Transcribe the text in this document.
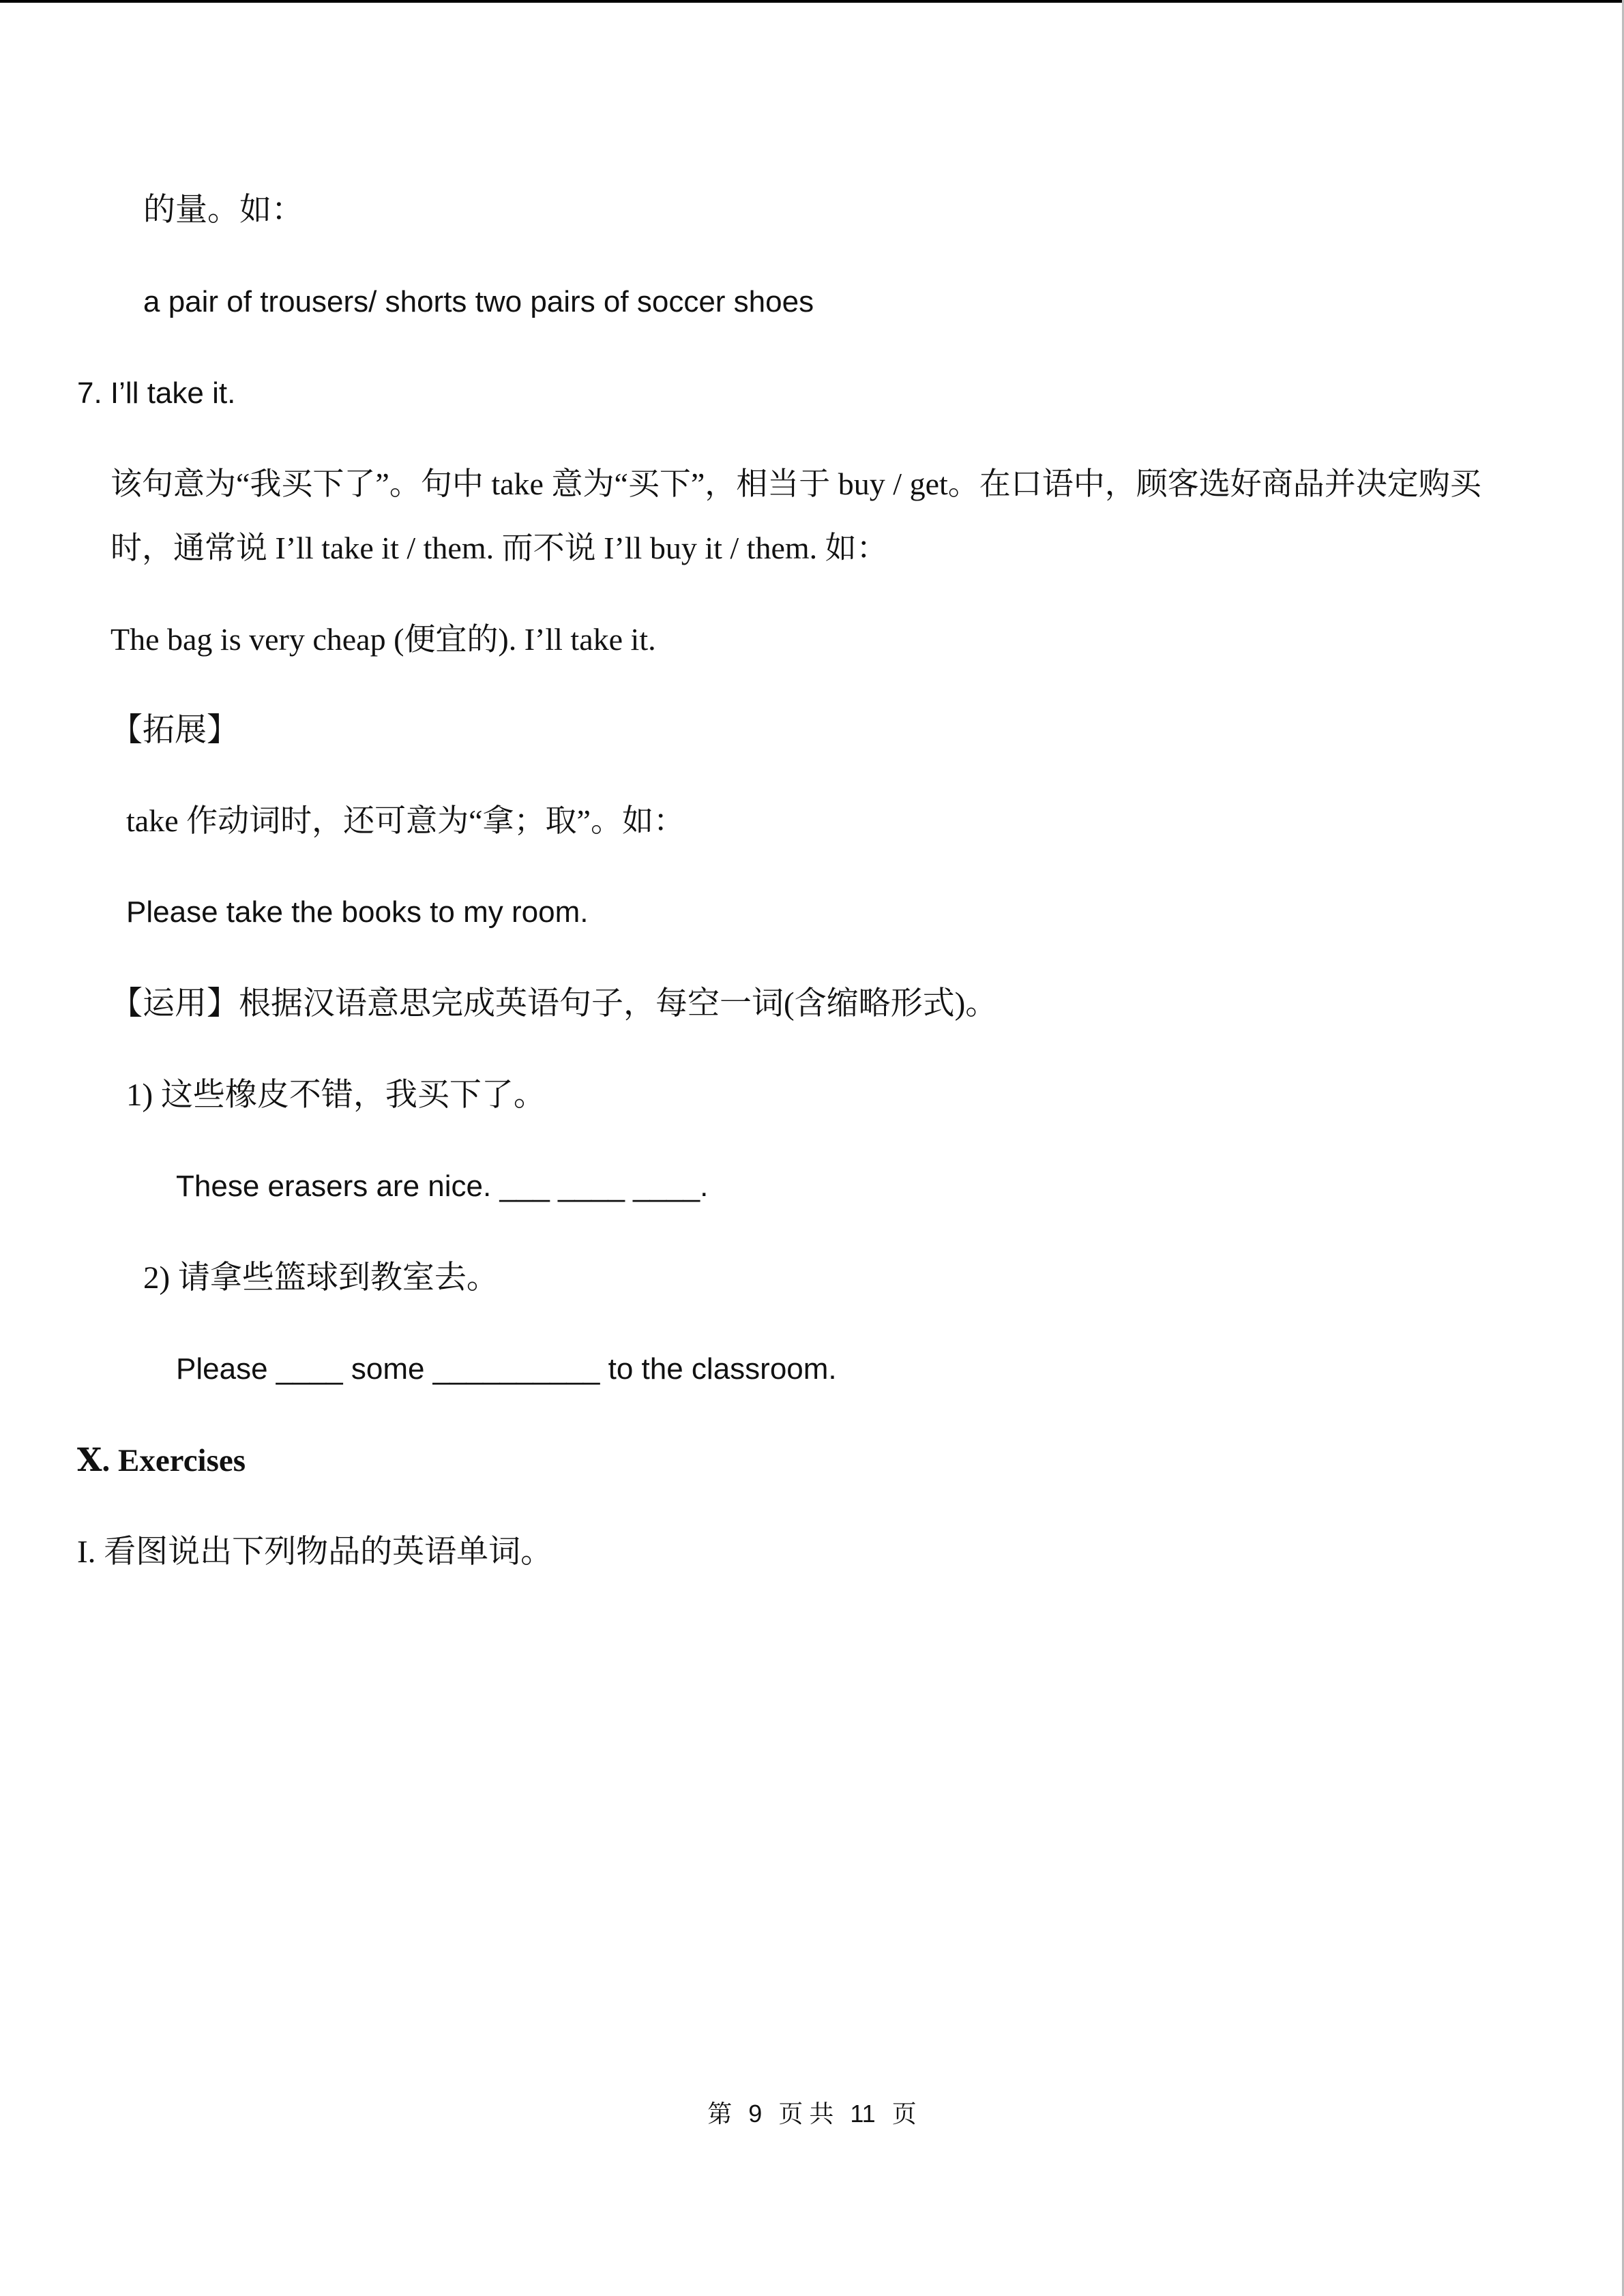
的量。如：
a pair of trousers/ shorts two pairs of soccer shoes
7. I’ll take it.
该句意为“我买下了”。句中 take 意为“买下”，相当于 buy / get。在口语中，顾客选好商品并决定购买
时，通常说 I’ll take it / them. 而不说 I’ll buy it / them. 如：
The bag is very cheap (便宜的). I’ll take it.
【拓展】
take 作动词时，还可意为“拿；取”。如：
Please take the books to my room.
【运用】根据汉语意思完成英语句子，每空一词(含缩略形式)。
1) 这些橡皮不错，我买下了。
These erasers are nice. ___ ____ ____.
2) 请拿些篮球到教室去。
Please ____ some __________ to the classroom.
Ⅹ. Exercises
I. 看图说出下列物品的英语单词。
第 9 页 共 11 页
